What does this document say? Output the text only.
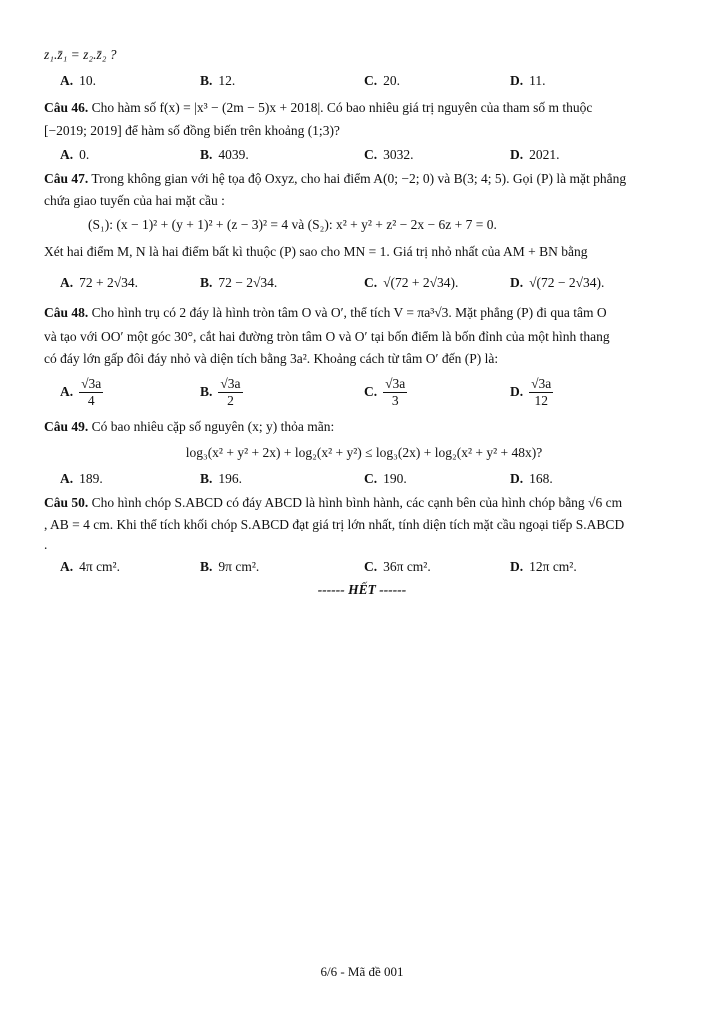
z₁.z̄₁ = z₂.z̄₂ ?
A. 10.	B. 12.	C. 20.	D. 11.
Câu 46. Cho hàm số f(x) = |x³ − (2m − 5)x + 2018|. Có bao nhiêu giá trị nguyên của tham số m thuộc
[−2019; 2019] để hàm số đồng biến trên khoảng (1;3)?
A. 0.	B. 4039.	C. 3032.	D. 2021.
Câu 47. Trong không gian với hệ tọa độ Oxyz, cho hai điểm A(0; −2; 0) và B(3; 4; 5). Gọi (P) là mặt phẳng
chứa giao tuyến của hai mặt cầu :
(S₁): (x − 1)² + (y + 1)² + (z − 3)² = 4 và (S₂): x² + y² + z² − 2x − 6z + 7 = 0.
Xét hai điểm M, N là hai điểm bất kì thuộc (P) sao cho MN = 1. Giá trị nhỏ nhất của AM + BN bằng
A. 72 + 2√34.	B. 72 − 2√34.	C. √(72 + 2√34).	D. √(72 − 2√34).
Câu 48. Cho hình trụ có 2 đáy là hình tròn tâm O và O′, thể tích V = πa³√3. Mặt phẳng (P) đi qua tâm O
và tạo với OO′ một góc 30°, cắt hai đường tròn tâm O và O′ tại bốn điểm là bốn đỉnh của một hình thang
có đáy lớn gấp đôi đáy nhỏ và diện tích bằng 3a². Khoảng cách từ tâm O′ đến (P) là:
A. $\frac{√3a}{4}$	B. $\frac{√3a}{2}$	C. $\frac{√3a}{3}$	D. $\frac{√3a}{12}$
Câu 49. Có bao nhiêu cặp số nguyên (x; y) thỏa mãn:
log₃(x² + y² + 2x) + log₂(x² + y²) ≤ log₃(2x) + log₂(x² + y² + 48x)?
A. 189.	B. 196.	C. 190.	D. 168.
Câu 50. Cho hình chóp S.ABCD có đáy ABCD là hình bình hành, các cạnh bên của hình chóp bằng √6 cm
, AB = 4 cm. Khi thể tích khối chóp S.ABCD đạt giá trị lớn nhất, tính diện tích mặt cầu ngoại tiếp S.ABCD
.
A. 4π cm².	B. 9π cm².	C. 36π cm².	D. 12π cm².
------ HẾT ------
6/6 - Mã đề 001
